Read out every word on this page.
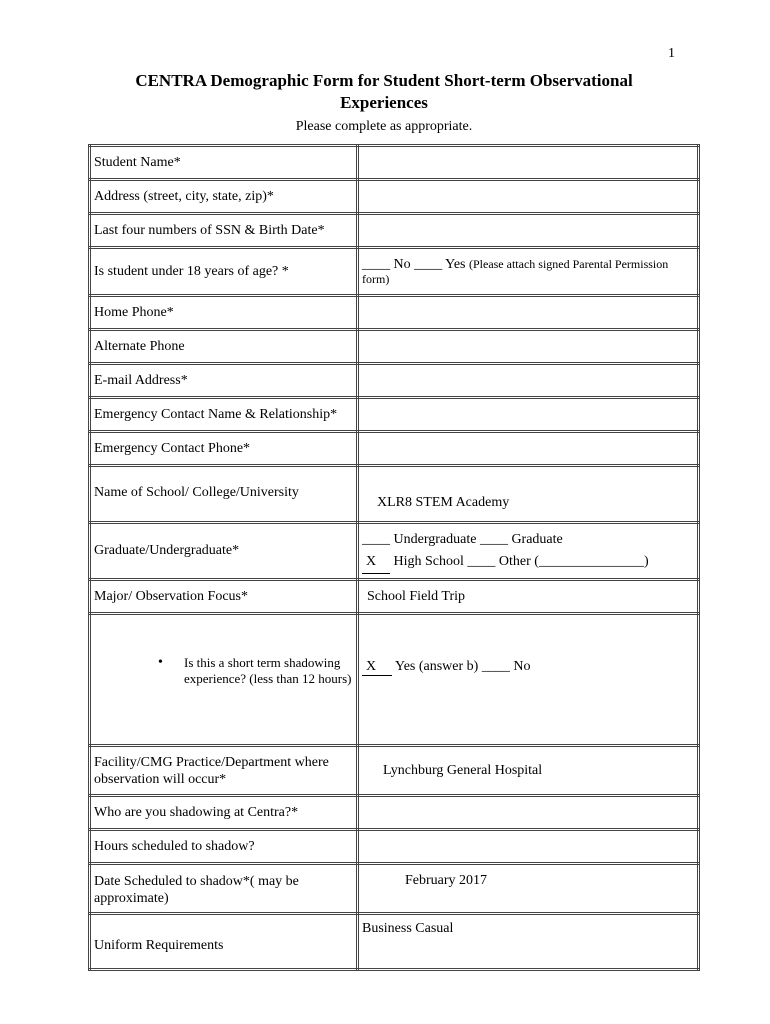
1
CENTRA Demographic Form for Student Short-term Observational
Experiences
Please complete as appropriate.
Student Name*	
Address (street, city, state, zip)*	
Last four numbers of SSN & Birth Date*	
Is student under 18 years of age? *	____ No ____ Yes (Please attach signed Parental Permission form)
Home Phone*	
Alternate Phone	
E-mail Address*	
Emergency Contact Name & Relationship*	
Emergency Contact Phone*	
Name of School/ College/University	XLR8 STEM Academy
Graduate/Undergraduate*	____ Undergraduate ____ Graduate
X High School ____ Other (_______________)

Major/ Observation Focus*	School Field Trip

• Is this a short term shadowing experience? (less than 12 hours)	X Yes (answer b) ____ No
Facility/CMG Practice/Department where observation will occur*	Lynchburg General Hospital
Who are you shadowing at Centra?*	
Hours scheduled to shadow?	
Date Scheduled to shadow*( may be approximate)	February 2017
Uniform Requirements	Business Casual
